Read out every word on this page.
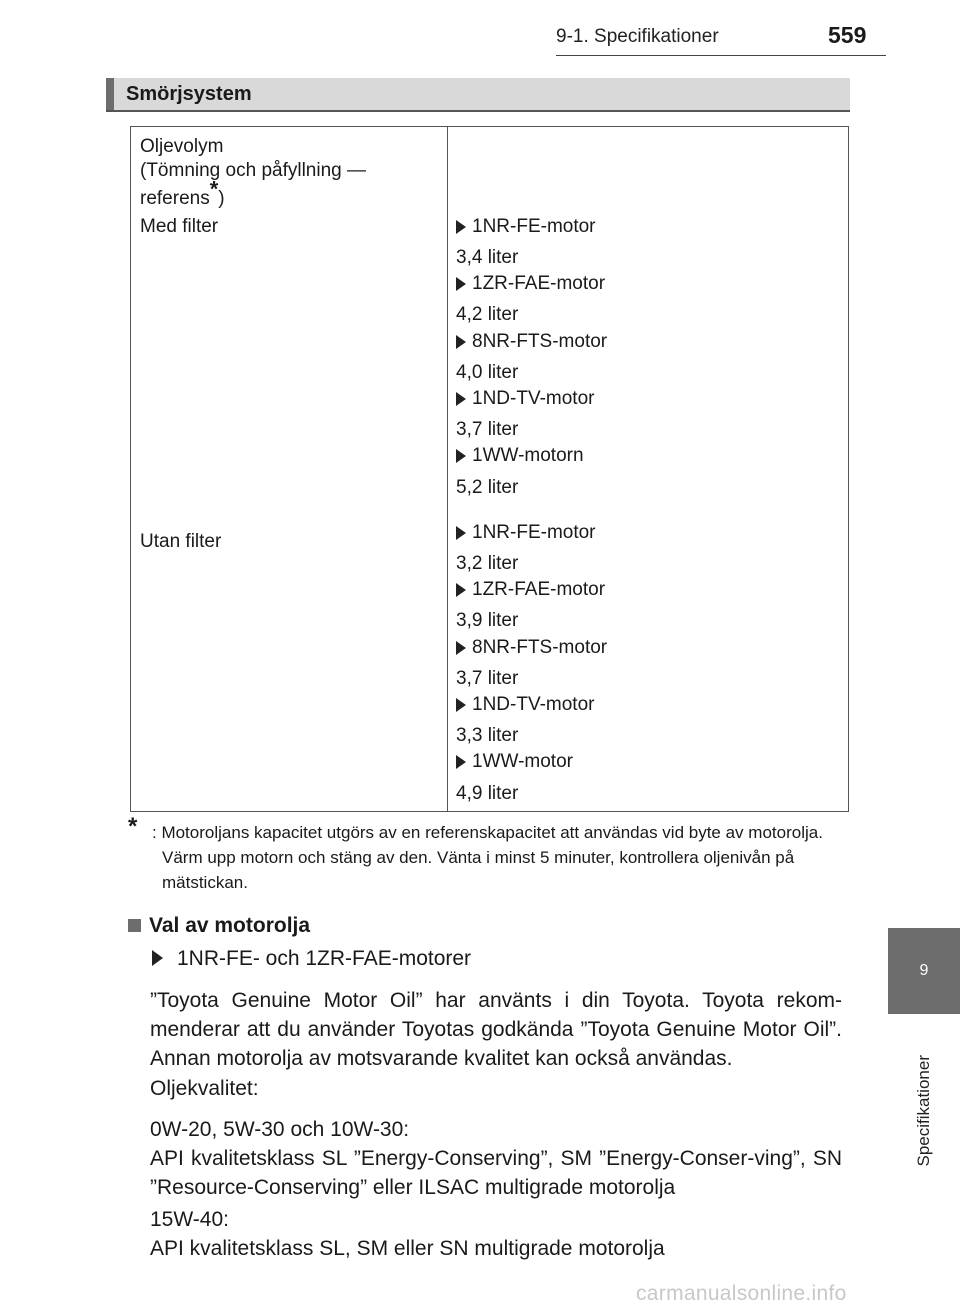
9-1. Specifikationer	559
9
Specifikationer
Smörjsystem
Oljevolym
(Tömning och påfyllning —
referens*)
Med filter
Utan filter
1NR-FE-motor
3,4 liter
1ZR-FAE-motor
4,2 liter
8NR-FTS-motor
4,0 liter
1ND-TV-motor
3,7 liter
1WW-motorn
5,2 liter
1NR-FE-motor
3,2 liter
1ZR-FAE-motor
3,9 liter
8NR-FTS-motor
3,7 liter
1ND-TV-motor
3,3 liter
1WW-motor
4,9 liter
* : Motoroljans kapacitet utgörs av en referenskapacitet att användas vid byte av motorolja. Värm upp motorn och stäng av den. Vänta i minst 5 minuter, kontrollera oljenivån på mätstickan.
Val av motorolja
1NR-FE- och 1ZR-FAE-motorer
”Toyota Genuine Motor Oil” har använts i din Toyota. Toyota rekom-menderar att du använder Toyotas godkända ”Toyota Genuine Motor Oil”. Annan motorolja av motsvarande kvalitet kan också användas.
Oljekvalitet:
0W-20, 5W-30 och 10W-30:
API kvalitetsklass SL ”Energy-Conserving”, SM ”Energy-Conser-ving”, SN ”Resource-Conserving” eller ILSAC multigrade motorolja
15W-40:
API kvalitetsklass SL, SM eller SN multigrade motorolja
carmanualsonline.info
